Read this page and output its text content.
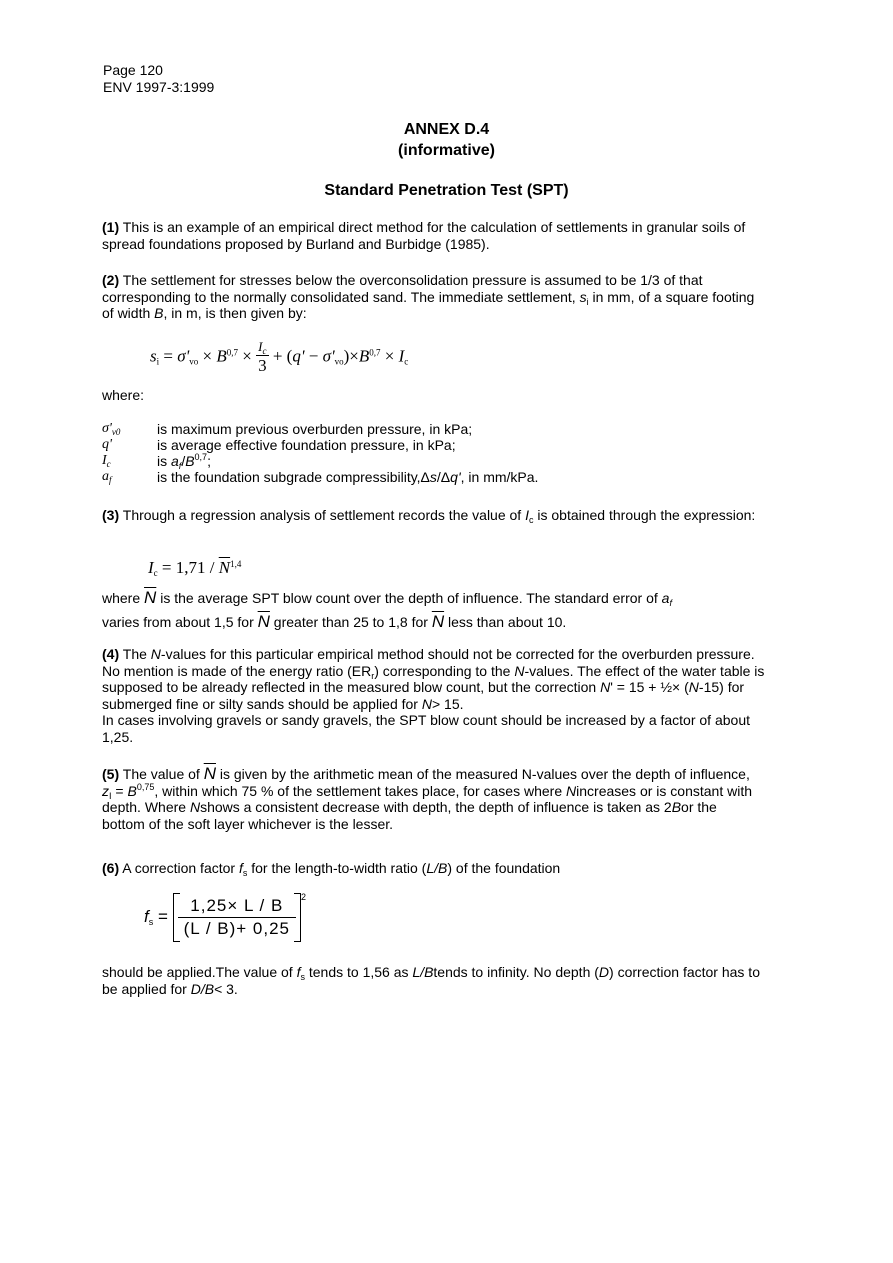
Page 120
ENV 1997-3:1999
ANNEX D.4
(informative)
Standard Penetration Test (SPT)
(1) This is an example of an empirical direct method for the calculation of settlements in granular soils of spread foundations proposed by Burland and Burbidge (1985).
(2) The settlement for stresses below the overconsolidation pressure is assumed to be 1/3 of that corresponding to the normally consolidated sand. The immediate settlement, $s_i$ in mm, of a square footing of width B, in m, is then given by:
$s_i = \sigma'_{vo} \times B^{0,7} \times \frac{I_c}{3} + (q' - \sigma'_{vo})\times B^{0,7} \times I_c$
where:
$\sigma'_{v0}$	is maximum previous overburden pressure, in kPa;
q'	is average effective foundation pressure, in kPa;
$I_c$	is $a_f/B^{0,7}$;
$a_f$	is the foundation subgrade compressibility,Δs/Δq', in mm/kPa.
(3) Through a regression analysis of settlement records the value of $I_c$ is obtained through the expression:
$I_c = 1,71 / \overline{N}^{1,4}$
where $\overline{N}$ is the average SPT blow count over the depth of influence. The standard error of $a_f$
varies from about 1,5 for $\overline{N}$ greater than 25 to 1,8 for $\overline{N}$ less than about 10.
(4) The N-values for this particular empirical method should not be corrected for the overburden pressure. No mention is made of the energy ratio $(ER_r)$ corresponding to the N-values. The effect of the water table is supposed to be already reflected in the measured blow count, but the correction N' = 15 + ½× (N-15) for submerged fine or silty sands should be applied for N> 15.
In cases involving gravels or sandy gravels, the SPT blow count should be increased by a factor of about 1,25.
(5) The value of $\overline{N}$ is given by the arithmetic mean of the measured N-values over the depth of influence, $z_I = B^{0,75}$, within which 75 % of the settlement takes place, for cases where Nincreases or is constant with depth. Where Nshows a consistent decrease with depth, the depth of influence is taken as 2Bor the bottom of the soft layer whichever is the lesser.
(6) A correction factor $f_s$ for the length-to-width ratio (L/B) of the foundation
$f_s = \frac{1,25\times L / B}{(L / B)+ 0,25} ^2$
should be applied.The value of $f_s$ tends to 1,56 as L/Btends to infinity. No depth (D) correction factor has to be applied for D/B< 3.
